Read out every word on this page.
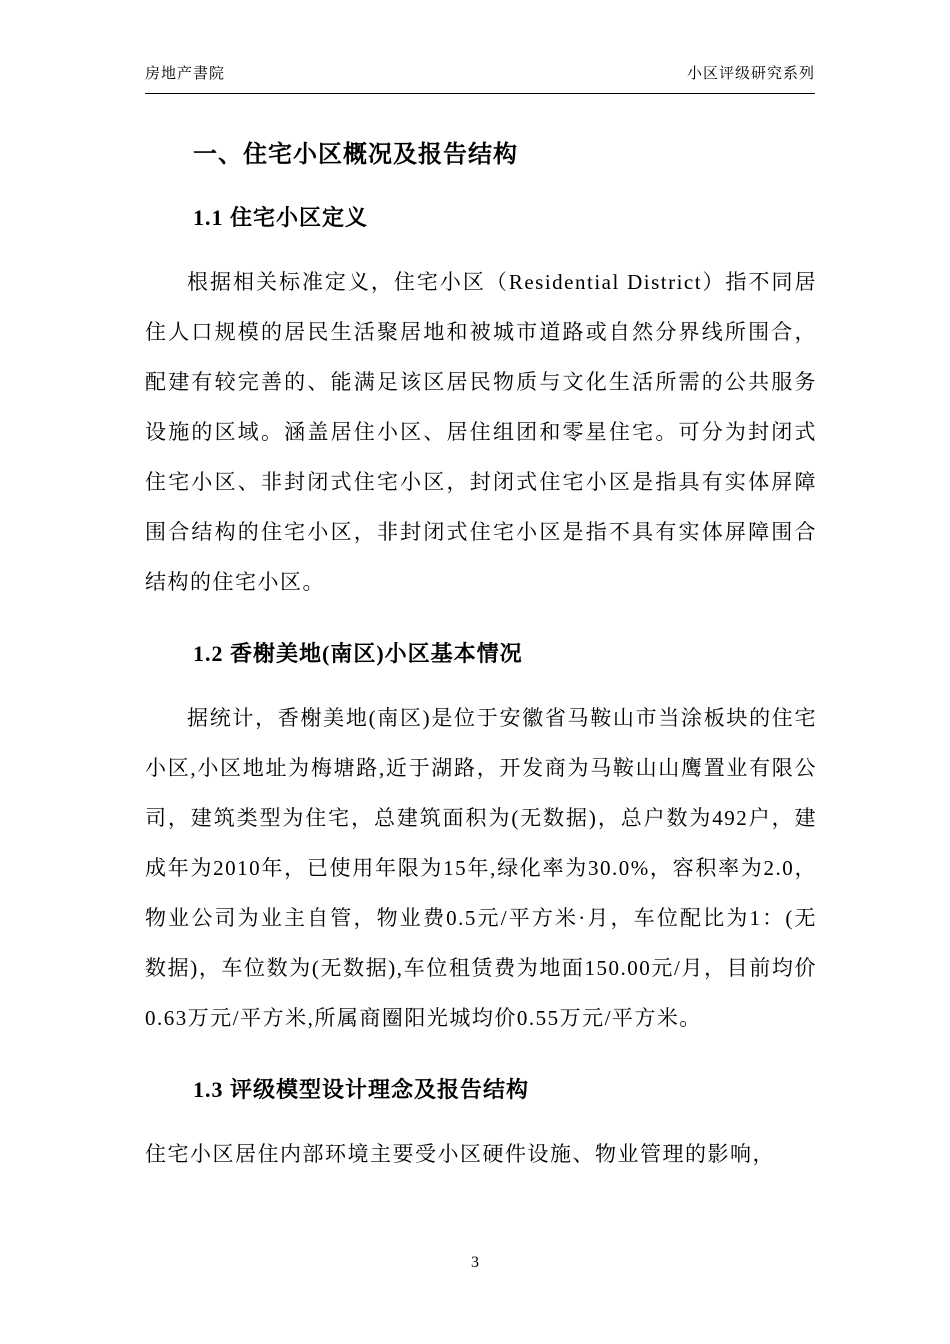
房地产書院	小区评级研究系列
一、住宅小区概况及报告结构
1.1 住宅小区定义

根据相关标准定义，住宅小区（Residential District）指不同居住人口规模的居民生活聚居地和被城市道路或自然分界线所围合，配建有较完善的、能满足该区居民物质与文化生活所需的公共服务设施的区域。涵盖居住小区、居住组团和零星住宅。可分为封闭式住宅小区、非封闭式住宅小区，封闭式住宅小区是指具有实体屏障围合结构的住宅小区，非封闭式住宅小区是指不具有实体屏障围合结构的住宅小区。

1.2 香榭美地(南区)小区基本情况

据统计，香榭美地(南区)是位于安徽省马鞍山市当涂板块的住宅小区,小区地址为梅塘路,近于湖路，开发商为马鞍山山鹰置业有限公司，建筑类型为住宅，总建筑面积为(无数据)，总户数为492户，建成年为2010年，已使用年限为15年,绿化率为30.0%，容积率为2.0，物业公司为业主自管，物业费0.5元/平方米·月，车位配比为1：(无数据)，车位数为(无数据),车位租赁费为地面150.00元/月，目前均价0.63万元/平方米,所属商圈阳光城均价0.55万元/平方米。

1.3 评级模型设计理念及报告结构

住宅小区居住内部环境主要受小区硬件设施、物业管理的影响，

3
